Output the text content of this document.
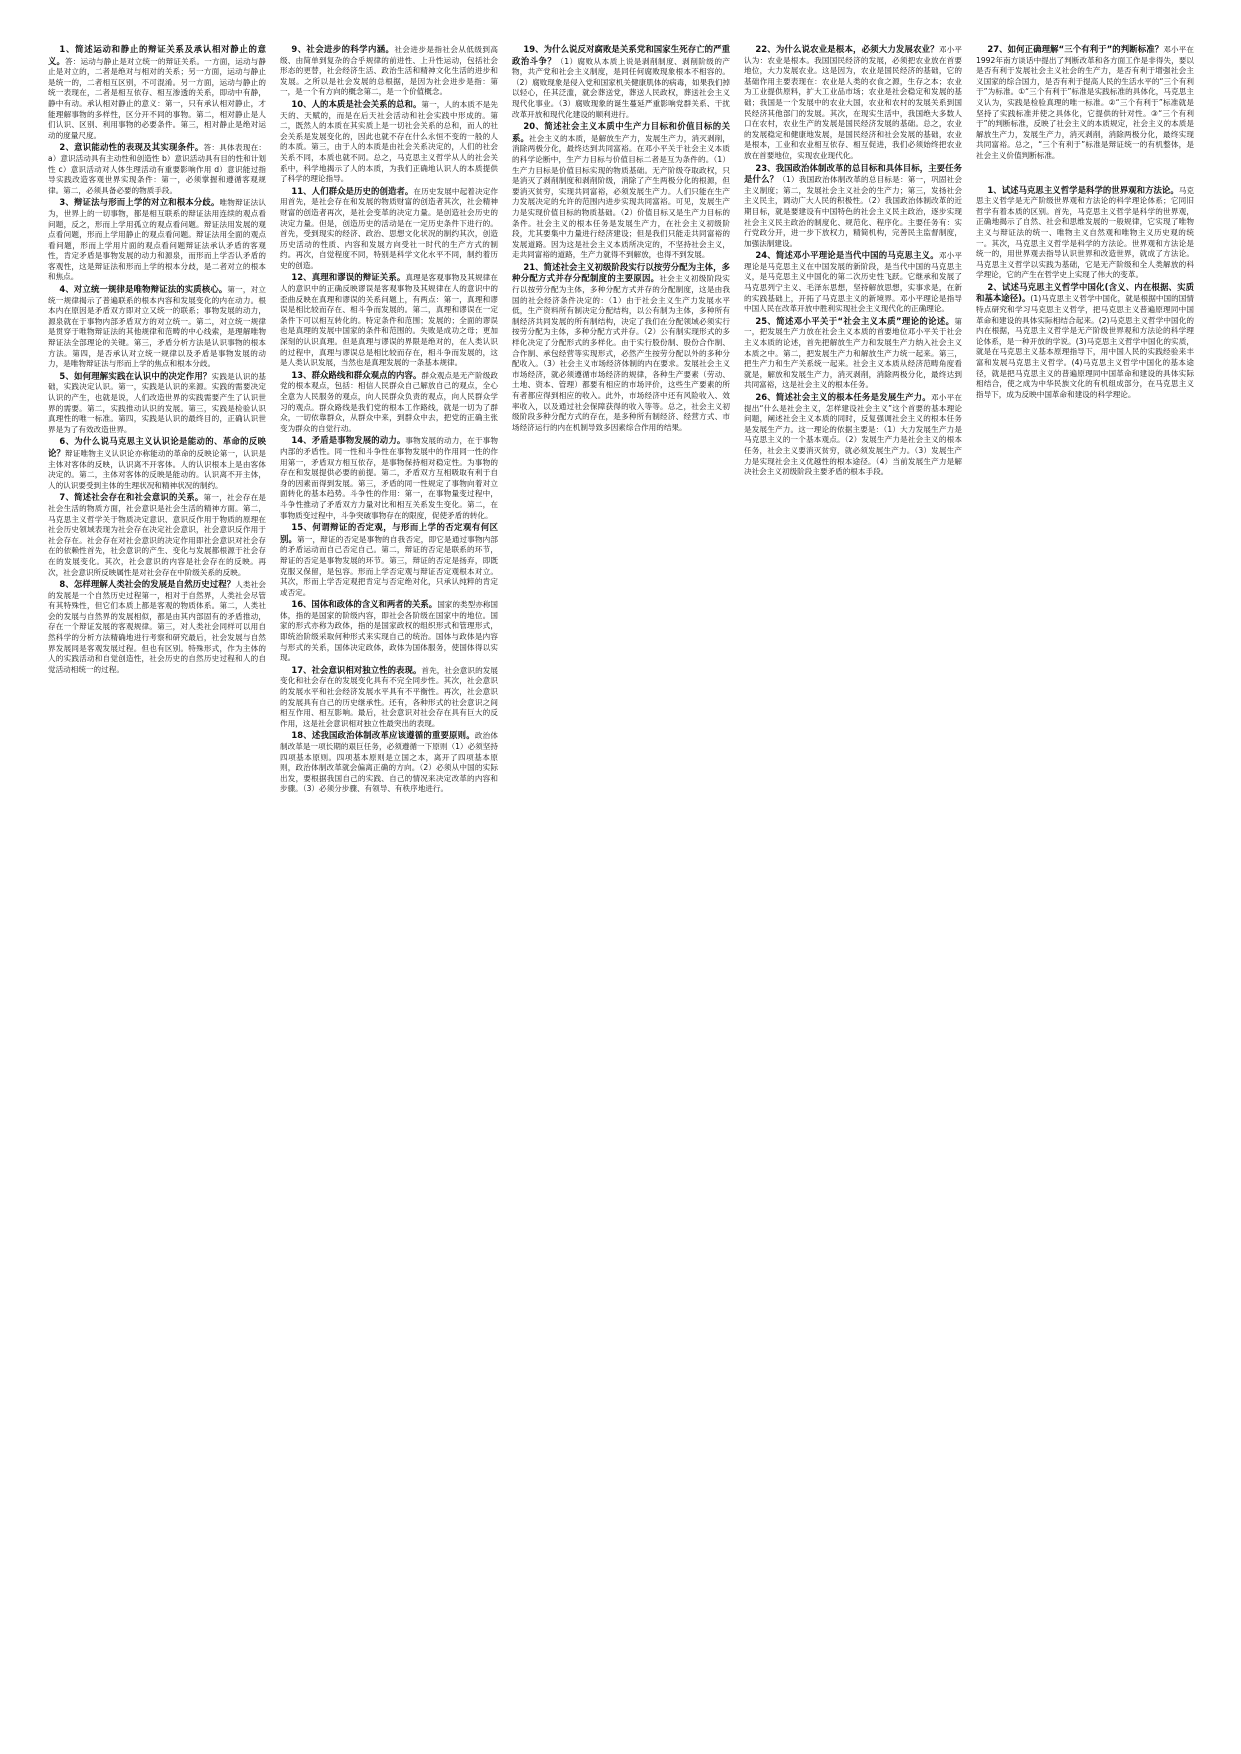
1、简述运动和静止的辩证关系及承认相对静止的意义。答：运动与静止是对立统一的辩证关系。一方面，运动与静止是对立的，二者是绝对与相对的关系；另一方面，运动与静止是统一的，二者相互区别，不可混淆。另一方面，运动与静止的统一表现在，二者是相互依存、相互渗透的关系，即动中有静，静中有动。承认相对静止的意义：第一，只有承认相对静止，才能理解事物的多样性，区分开不同的事物。第二，相对静止是人们认识、区别、利用事物的必要条件。第三，相对静止是绝对运动的度量尺度。
2、意识能动性的表现及其实现条件。答：具体表现在：a）意识活动具有主动性和创造性 b）意识活动具有目的性和计划性 c）意识活动对人体生理活动有重要影响作用 d）意识能过指导实践改造客观世界实现条件：第一，必须掌握和遵循客观规律。第二，必须具备必要的物质手段。
3、辩证法与形而上学的对立和根本分歧。唯物辩证法认为，世界上的一切事物，都是相互联系的辩证法用连续的观点看问题，反之，形而上学用孤立的观点看问题。辩证法用发展的观点看问题，形而上学用静止的观点看问题。辩证法用全面的观点看问题，形而上学用片面的观点看问题辩证法承认矛盾的客观性，肯定矛盾是事物发展的动力和源泉，而形而上学否认矛盾的客观性，这是辩证法和形而上学的根本分歧，是二者对立的根本和焦点。
4、对立统一规律是唯物辩证法的实质核心。第一，对立统一规律揭示了普遍联系的根本内容和发展变化的内在动力。根本内在原因是矛盾双方即对立又统一的联系；事物发展的动力，源泉就在于事物内部矛盾双方的对立统一。第二，对立统一规律是贯穿于唯物辩证法的其他规律和范畴的中心线索，是理解唯物辩证法全部理论的关键。第三，矛盾分析方法是认识事物的根本方法。第四，是否承认对立统一规律以及矛盾是事物发展的动力，是唯物辩证法与形而上学的焦点和根本分歧。
5、如何理解实践在认识中的决定作用？实践是认识的基础，实践决定认识。第一，实践是认识的来源。实践的需要决定认识的产生，也就是说，人们改造世界的实践需要产生了认识世界的需要。第二，实践推动认识的发展。第三，实践是检验认识真理性的唯一标准。第四，实践是认识的最终目的，正确认识世界是为了有效改造世界。
6、为什么说马克思主义认识论是能动的、革命的反映论？辩证唯物主义认识论亦称能动的革命的反映论第一，认识是主体对客体的反映，认识离不开客体。人的认识根本上是由客体决定的。第二，主体对客体的反映是能动的。认识离不开主体，人的认识要受到主体的生理状况和精神状况的制约。
7、简述社会存在和社会意识的关系。第一，社会存在是社会生活的物质方面，社会意识是社会生活的精神方面。第二，马克思主义哲学关于物质决定意识、意识反作用于物质的原理在社会历史领域表现为社会存在决定社会意识，社会意识反作用于社会存在。社会存在对社会意识的决定作用即社会意识对社会存在的依赖性首先，社会意识的产生、变化与发展都根源于社会存在的发展变化。其次，社会意识的内容是社会存在的反映。再次，社会意识所反映属性是对社会存在中阶级关系的反映。
8、怎样理解人类社会的发展是自然历史过程？人类社会的发展是一个自然历史过程第一，相对于自然界，人类社会尽管有其特殊性，但它们本质上都是客观的物质体系。第二，人类社会的发展与自然界的发展相似，都是由其内部固有的矛盾推动，存在一个辩证发展的客观规律。第三，对人类社会同样可以用自然科学的分析方法精确地进行考察和研究最后，社会发展与自然界发展同是客观发展过程。但也有区别。特殊形式，作为主体的人的实践活动和自觉创造性，社会历史的自然历史过程和人的自觉活动相统一的过程。
9、社会进步的科学内涵。社会进步是指社会从低级到高级、由简单到复杂的合乎规律的前进性、上升性运动，包括社会形态的更替，社会经济生活、政治生活和精神文化生活的进步和发展。之所以是社会发展的总根据，是因为社会进步是指：第一，是一个有方向的概念第二，是一个价值概念。
10、人的本质是社会关系的总和。第一，人的本质不是先天的、天赋的，而是在后天社会活动和社会实践中形成的。第二，既然人的本质在其实质上是一切社会关系的总和，而人的社会关系是发展变化的，因此也就不存在什么永恒不变的一般的人的本质。第三，由于人的本质是由社会关系决定的，人们的社会关系不同，本质也就不同。总之，马克思主义哲学从人的社会关系中，科学地揭示了人的本质，为我们正确地认识人的本质提供了科学的理论指导。
11、人们群众是历史的创造者。在历史发展中起着决定作用首先，是社会存在和发展的物质财富的创造者其次，社会精神财富的创造者再次，是社会变革的决定力量。是创造社会历史的决定力量。但是，创造历史的活动是在一定历史条件下进行的。首先，受到现实的经济、政治、思想文化状况的制约其次，创造历史活动的性质、内容和发展方向受社一时代的生产方式的制约。再次，自觉程度不同，特别是科学文化水平不同，制约着历史的创造。
12、真理和谬误的辩证关系。真理是客观事物及其规律在人的意识中的正确反映谬误是客观事物及其规律在人的意识中的歪曲反映在真理和谬误的关系问题上，有两点：第一，真理和谬误是相比较而存在、相斗争而发展的。第二，真理和谬误在一定条件下可以相互转化的。特定条件和范围；发展的；全面的谬误也是真理的发展中国家的条件和范围的。失败是成功之母；更加深刻的认识真理。但是真理与谬误的界限是绝对的，在人类认识的过程中，真理与谬误总是相比较而存在，相斗争而发展的，这是人类认识发展，当然也是真理发展的一条基本规律。
13、群众路线和群众观点的内容。群众观点是无产阶级政党的根本观点，包括：相信人民群众自己解放自己的观点，全心全意为人民服务的观点，向人民群众负责的观点，向人民群众学习的观点。群众路线是我们党的根本工作路线，就是一切为了群众，一切依靠群众，从群众中来，到群众中去，把党的正确主张变为群众的自觉行动。
14、矛盾是事物发展的动力。事物发展的动力，在于事物内部的矛盾性。同一性和斗争性在事物发展中的作用同一性的作用第一，矛盾双方相互依存，是事物保持相对稳定性。为事物的存在和发展提供必要的前提。第二，矛盾双方互相吸取有利于自身的因素而得到发展。第三，矛盾的同一性规定了事物向着对立面转化的基本趋势。斗争性的作用：第一，在事物量变过程中，斗争性推动了矛盾双方力量对比和相互关系发生变化。第二，在事物质变过程中，斗争突破事物存在的限度，促使矛盾的转化。
15、何谓辩证的否定观，与形而上学的否定观有何区别。第一，辩证的否定是事物的自我否定，即它是通过事物内部的矛盾运动而自己否定自己。第二，辩证的否定是联系的环节，辩证的否定是事物发展的环节。第三，辩证的否定是扬弃，即既克服又保留，是包容。形而上学否定观与辩证否定观根本对立。其次，形而上学否定观把肯定与否定绝对化，只承认纯粹的肯定或否定。
16、国体和政体的含义和两者的关系。国家的类型亦称国体，指的是国家的阶级内容，即社会各阶级在国家中的地位。国家的形式亦称为政体，指的是国家政权的组织形式和管理形式，即统治阶级采取何种形式来实现自己的统治。国体与政体是内容与形式的关系，国体决定政体，政体为国体服务，使国体得以实现。
17、社会意识相对独立性的表现。首先，社会意识的发展变化和社会存在的发展变化具有不完全同步性。其次，社会意识的发展水平和社会经济发展水平具有不平衡性。再次，社会意识的发展具有自己的历史继承性。还有，各种形式的社会意识之间相互作用、相互影响。最后，社会意识对社会存在具有巨大的反作用，这是社会意识相对独立性最突出的表现。
18、述我国政治体制改革应该遵循的重要原则。政治体制改革是一项长期的艰巨任务，必须遵循一下原则（1）必须坚持四项基本原则。四项基本原则是立国之本，离开了四项基本原则，政治体制改革就会偏离正确的方向。（2）必须从中国的实际出发，要根据我国自己的实践、自己的情况来决定改革的内容和步骤。（3）必须分步骤、有领导、有秩序地进行。
19、为什么说反对腐败是关系党和国家生死存亡的严重政治斗争？（1）腐败从本质上说是剥削制度、剥削阶级的产物，共产党和社会主义制度，是同任何腐败现象根本不相容的。（2）腐败现象是侵入党和国家机关健康肌体的病毒，如果我们掉以轻心，任其泛滥，就会葬送党，葬送人民政权，葬送社会主义现代化事业。（3）腐败现象的诞生蔓延严重影响党群关系、干扰改革开放和现代化建设的顺利进行。
20、简述社会主义本质中生产力目标和价值目标的关系。社会主义的本质，是解放生产力，发展生产力，消灭剥削，消除两极分化，最终达到共同富裕。在邓小平关于社会主义本质的科学论断中，生产力目标与价值目标二者是互为条件的。（1）生产力目标是价值目标实现的物质基础。无产阶级夺取政权，只是消灭了剥削制度和剥削阶级，消除了产生两极分化的根源，但要消灭贫穷，实现共同富裕，必须发展生产力。人们只能在生产力发展决定的允许的范围内进步实现共同富裕。可见，发展生产力是实现价值目标的物质基础。（2）价值目标又是生产力目标的条件。社会主义的根本任务是发展生产力，在社会主义初级阶段，尤其要集中力量进行经济建设；但是我们只能走共同富裕的发展道路。因为这是社会主义本质所决定的，不坚持社会主义，走共同富裕的道路，生产力就得不到解放，也得不到发展。
21、简述社会主义初级阶段实行以按劳分配为主体，多种分配方式并存分配制度的主要原因。社会主义初级阶段实行以按劳分配为主体，多种分配方式并存的分配制度，这是由我国的社会经济条件决定的：（1）由于社会主义生产力发展水平低，生产资料所有制决定分配结构，以公有制为主体，多种所有制经济共同发展的所有制结构，决定了我们在分配领域必须实行按劳分配为主体，多种分配方式并存。（2）公有制实现形式的多样化决定了分配形式的多样化。由于实行股份制、股份合作制、合作制、承包经营等实现形式，必然产生按劳分配以外的多种分配收入。（3）社会主义市场经济体制的内在要求。发展社会主义市场经济，就必须遵循市场经济的规律，各种生产要素（劳动、土地、资本、管理）都要有相应的市场评价，这些生产要素的所有者都应得到相应的收入。此外，市场经济中还有风险收入、效率收入，以及通过社会保障获得的收入等等。总之，社会主义初级阶段多种分配方式的存在，是多种所有制经济、经营方式、市场经济运行的内在机制导致多因素综合作用的结果。
22、为什么说农业是根本，必须大力发展农业？邓小平认为：农业是根本。我国国民经济的发展，必须把农业放在首要地位，大力发展农业。这是因为，农业是国民经济的基础，它的基础作用主要表现在：农业是人类的衣食之源，生存之本；农业为工业提供原料，扩大工业品市场；农业是社会稳定和发展的基础；我国是一个发展中的农业大国，农业和农村的发展关系到国民经济其他部门的发展。其次，在现实生活中，我国绝大多数人口在农村，农业生产的发展是国民经济发展的基础。总之，农业的发展稳定和健康地发展，是国民经济和社会发展的基础，农业是根本，工业和农业相互依存、相互促进，我们必须始终把农业放在首要地位，实现农业现代化。
23、我国政治体制改革的总目标和具体目标，主要任务是什么？（1）我国政治体制改革的总目标是：第一，巩固社会主义制度；第二，发展社会主义社会的生产力；第三，发扬社会主义民主，调动广大人民的积极性。（2）我国政治体制改革的近期目标，就是要建设有中国特色的社会主义民主政治，逐步实现社会主义民主政治的制度化、规范化、程序化。主要任务有：实行党政分开，进一步下放权力，精简机构，完善民主监督制度，加强法制建设。
24、简述邓小平理论是当代中国的马克思主义。邓小平理论是马克思主义在中国发展的新阶段，是当代中国的马克思主义，是马克思主义中国化的第二次历史性飞跃。它继承和发展了马克思列宁主义、毛泽东思想，坚持解放思想，实事求是，在新的实践基础上，开拓了马克思主义的新境界。邓小平理论是指导中国人民在改革开放中胜利实现社会主义现代化的正确理论。
25、简述邓小平关于“社会主义本质”理论的论述。第一，把发展生产力放在社会主义本质的首要地位邓小平关于社会主义本质的论述，首先把解放生产力和发展生产力纳入社会主义本质之中。第二，把发展生产力和解放生产力统一起来。第三，把生产力和生产关系统一起来。社会主义本质从经济范畴角度看就是，解放和发展生产力，消灭剥削，消除两极分化，最终达到共同富裕，这是社会主义的根本任务。
26、简述社会主义的根本任务是发展生产力。邓小平在提出“什么是社会主义，怎样建设社会主义”这个首要的基本理论问题，阐述社会主义本质的同时，反复强调社会主义的根本任务是发展生产力。这一理论的依据主要是：（1）大力发展生产力是马克思主义的一个基本观点。（2）发展生产力是社会主义的根本任务，社会主义要消灭贫穷，就必须发展生产力。（3）发展生产力是实现社会主义优越性的根本途径。（4）当前发展生产力是解决社会主义初级阶段主要矛盾的根本手段。
27、如何正确理解“三个有利于”的判断标准？邓小平在1992年南方谈话中提出了判断改革和各方面工作是非得失，要以是否有利于发展社会主义社会的生产力，是否有利于增强社会主义国家的综合国力，是否有利于提高人民的生活水平的“三个有利于”为标准。①“三个有利于”标准是实践标准的具体化，马克思主义认为，实践是检验真理的唯一标准。②“三个有利于”标准就是坚持了实践标准并使之具体化，它提供的针对性。③“三个有利于”的判断标准，反映了社会主义的本质规定，社会主义的本质是解放生产力，发展生产力，消灭剥削，消除两极分化，最终实现共同富裕。总之，“三个有利于”标准是辩证统一的有机整体，是社会主义价值判断标准。
1、试述马克思主义哲学是科学的世界观和方法论。马克思主义哲学是无产阶级世界观和方法论的科学理论体系；它同旧哲学有着本质的区别。首先，马克思主义哲学是科学的世界观，正确地揭示了自然、社会和思维发展的一般规律，它实现了唯物主义与辩证法的统一、唯物主义自然观和唯物主义历史观的统一。其次，马克思主义哲学是科学的方法论。世界观和方法论是统一的，用世界观去指导认识世界和改造世界，就成了方法论。马克思主义哲学以实践为基础，它是无产阶级和全人类解放的科学理论，它的产生在哲学史上实现了伟大的变革。
2、试述马克思主义哲学中国化(含义、内在根据、实质和基本途径)。(1)马克思主义哲学中国化，就是根据中国的国情特点研究和学习马克思主义哲学，把马克思主义普遍原理同中国革命和建设的具体实际相结合起来。(2)马克思主义哲学中国化的内在根据，马克思主义哲学是无产阶级世界观和方法论的科学理论体系，是一种开放的学说。(3)马克思主义哲学中国化的实质，就是在马克思主义基本原理指导下，用中国人民的实践经验来丰富和发展马克思主义哲学。(4)马克思主义哲学中国化的基本途径，就是把马克思主义的普遍原理同中国革命和建设的具体实际相结合，使之成为中华民族文化的有机组成部分，在马克思主义指导下，成为反映中国革命和建设的科学理论。
